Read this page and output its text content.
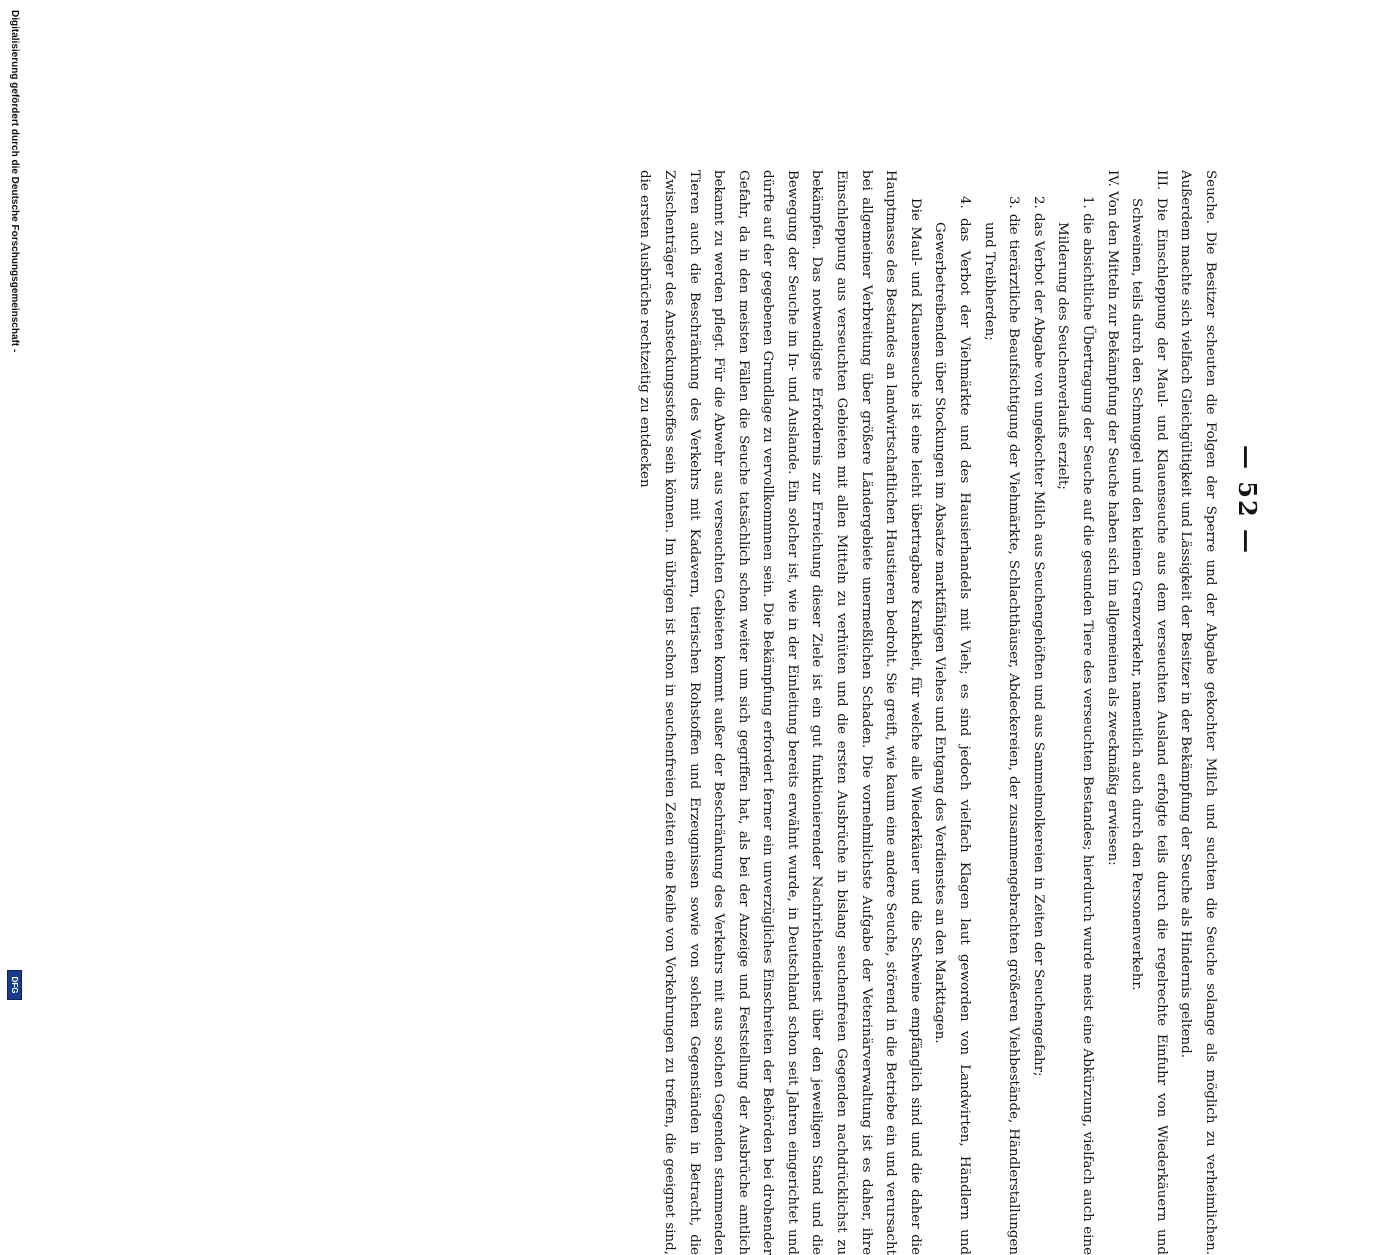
— 52 —

Seuche. Die Besitzer scheuten die Folgen der Sperre und der Abgabe gekochter Milch und suchten die Seuche solange als möglich zu verheimlichen. Außerdem machte sich vielfach Gleichgültigkeit und Lässigkeit der Besitzer in der Bekämpfung der Seuche als Hindernis geltend.

III. Die Einschleppung der Maul- und Klauenseuche aus dem verseuchten Ausland erfolgte teils durch die regelrechte Einfuhr von Wiederkäuern und Schweinen, teils durch den Schmuggel und den kleinen Grenzverkehr, namentlich auch durch den Personenverkehr.

IV. Von den Mitteln zur Bekämpfung der Seuche haben sich im allgemeinen als zweckmäßig erwiesen:

1. die absichtliche Übertragung der Seuche auf die gesunden Tiere des verseuchten Bestandes; hierdurch wurde meist eine Abkürzung, vielfach auch eine Milderung des Seuchenverlaufs erzielt;

2. das Verbot der Abgabe von ungekochter Milch aus Seuchengehöften und aus Sammelmolkereien in Zeiten der Seuchengefahr;

3. die tierärztliche Beaufsichtigung der Viehmärkte, Schlachthäuser, Abdeckereien, der zusammengebrachten größeren Viehbestände, Händlerstallungen und Treibherden;

4. das Verbot der Viehmärkte und des Hausierhandels mit Vieh; es sind jedoch vielfach Klagen laut geworden von Landwirten, Händlern und Gewerbetreibenden über Stockungen im Absatze marktfähigen Viehes und Entgang des Verdienstes an den Markttagen.

Die Maul- und Klauenseuche ist eine leicht übertragbare Krankheit, für welche alle Wiederkäuer und die Schweine empfänglich sind und die daher die Hauptmasse des Bestandes an landwirtschaftlichen Haustieren bedroht. Sie greift, wie kaum eine andere Seuche, störend in die Betriebe ein und verursacht bei allgemeiner Verbreitung über größere Ländergebiete unermeßlichen Schaden. Die vornehmlichste Aufgabe der Veterinärverwaltung ist es daher, ihre Einschleppung aus verseuchten Gebieten mit allen Mitteln zu verhüten und die ersten Ausbrüche in bislang seuchenfreien Gegenden nachdrücklichst zu bekämpfen. Das notwendigste Erfordernis zur Erreichung dieser Ziele ist ein gut funktionierender Nachrichtendienst über den jeweiligen Stand und die Bewegung der Seuche im In- und Auslande. Ein solcher ist, wie in der Einleitung bereits erwähnt wurde, in Deutschland schon seit Jahren eingerichtet und dürfte auf der gegebenen Grundlage zu vervollkommnen sein. Die Bekämpfung erfordert ferner ein unverzügliches Einschreiten der Behörden bei drohender Gefahr, da in den meisten Fällen die Seuche tatsächlich schon weiter um sich gegriffen hat, als bei der Anzeige und Feststellung der Ausbrüche amtlich bekannt zu werden pflegt. Für die Abwehr aus verseuchten Gebieten kommt außer der Beschränkung des Verkehrs mit aus solchen Gegenden stammenden Tieren auch die Beschränkung des Verkehrs mit Kadavern, tierischen Rohstoffen und Erzeugnissen sowie von solchen Gegenständen in Betracht, die Zwischenträger des Ansteckungsstoffes sein können. Im übrigen ist schon in seuchenfreien Zeiten eine Reihe von Vorkehrungen zu treffen, die geeignet sind, die ersten Ausbrüche rechtzeitig zu entdecken

Digitalisierung gefördert durch die Deutsche Forschungsgemeinschaft -
DFG
